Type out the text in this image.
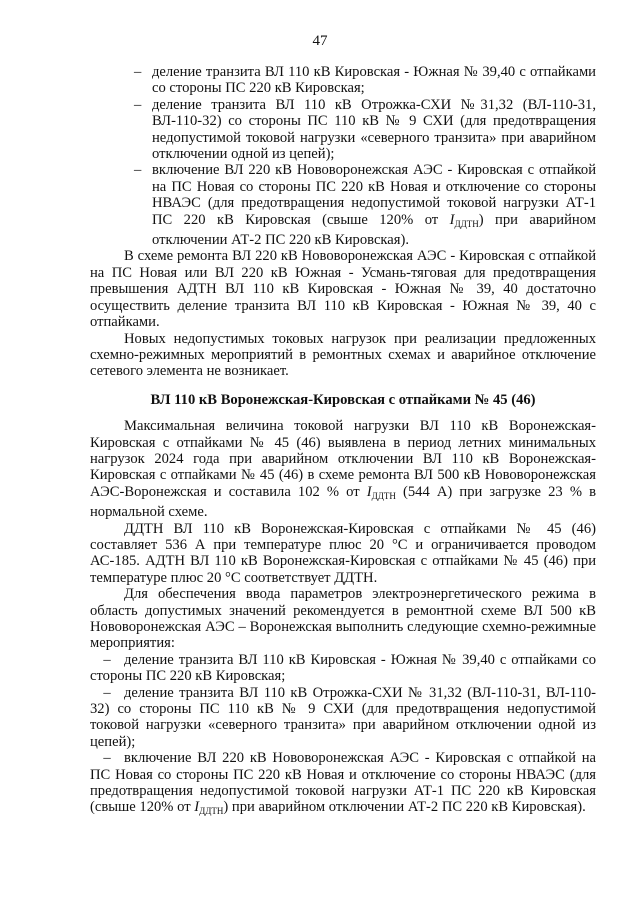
47

– деление транзита ВЛ 110 кВ Кировская - Южная № 39,40 с отпайками со стороны ПС 220 кВ Кировская;

– деление транзита ВЛ 110 кВ Отрожка-СХИ №31,32 (ВЛ-110-31, ВЛ-110-32) со стороны ПС 110 кВ № 9 СХИ (для предотвращения недопустимой токовой нагрузки «северного транзита» при аварийном отключении одной из цепей);

– включение ВЛ 220 кВ Нововоронежская АЭС - Кировская с отпайкой на ПС Новая со стороны ПС 220 кВ Новая и отключение со стороны НВАЭС (для предотвращения недопустимой токовой нагрузки АТ-1 ПС 220 кВ Кировская (свыше 120% от $I_{ДДТН}$) при аварийном отключении АТ-2 ПС 220 кВ Кировская).

В схеме ремонта ВЛ 220 кВ Нововоронежская АЭС - Кировская с отпайкой на ПС Новая или ВЛ 220 кВ Южная - Усмань-тяговая для предотвращения превышения АДТН ВЛ 110 кВ Кировская - Южная № 39, 40 достаточно осуществить деление транзита ВЛ 110 кВ Кировская - Южная № 39, 40 с отпайками.

Новых недопустимых токовых нагрузок при реализации предложенных схемно-режимных мероприятий в ремонтных схемах и аварийное отключение сетевого элемента не возникает.

ВЛ 110 кВ Воронежская-Кировская с отпайками № 45 (46)

Максимальная величина токовой нагрузки ВЛ 110 кВ Воронежская-Кировская с отпайками № 45 (46) выявлена в период летних минимальных нагрузок 2024 года при аварийном отключении ВЛ 110 кВ Воронежская-Кировская с отпайками № 45 (46) в схеме ремонта ВЛ 500 кВ Нововоронежская АЭС-Воронежская и составила 102 % от $I_{ДДТН}$ (544 А) при загрузке 23 % в нормальной схеме.

ДДТН ВЛ 110 кВ Воронежская-Кировская с отпайками № 45 (46) составляет 536 А при температуре плюс 20 °С и ограничивается проводом АС-185. АДТН ВЛ 110 кВ Воронежская-Кировская с отпайками № 45 (46) при температуре плюс 20 °С соответствует ДДТН.

Для обеспечения ввода параметров электроэнергетического режима в область допустимых значений рекомендуется в ремонтной схеме ВЛ 500 кВ Нововоронежская АЭС – Воронежская выполнить следующие схемно-режимные мероприятия:

– деление транзита ВЛ 110 кВ Кировская - Южная № 39,40 с отпайками со стороны ПС 220 кВ Кировская;

– деление транзита ВЛ 110 кВ Отрожка-СХИ № 31,32 (ВЛ-110-31, ВЛ-110-32) со стороны ПС 110 кВ № 9 СХИ (для предотвращения недопустимой токовой нагрузки «северного транзита» при аварийном отключении одной из цепей);

– включение ВЛ 220 кВ Нововоронежская АЭС - Кировская с отпайкой на ПС Новая со стороны ПС 220 кВ Новая и отключение со стороны НВАЭС (для предотвращения недопустимой токовой нагрузки АТ-1 ПС 220 кВ Кировская (свыше 120% от $I_{ДДТН}$) при аварийном отключении АТ-2 ПС 220 кВ Кировская).
